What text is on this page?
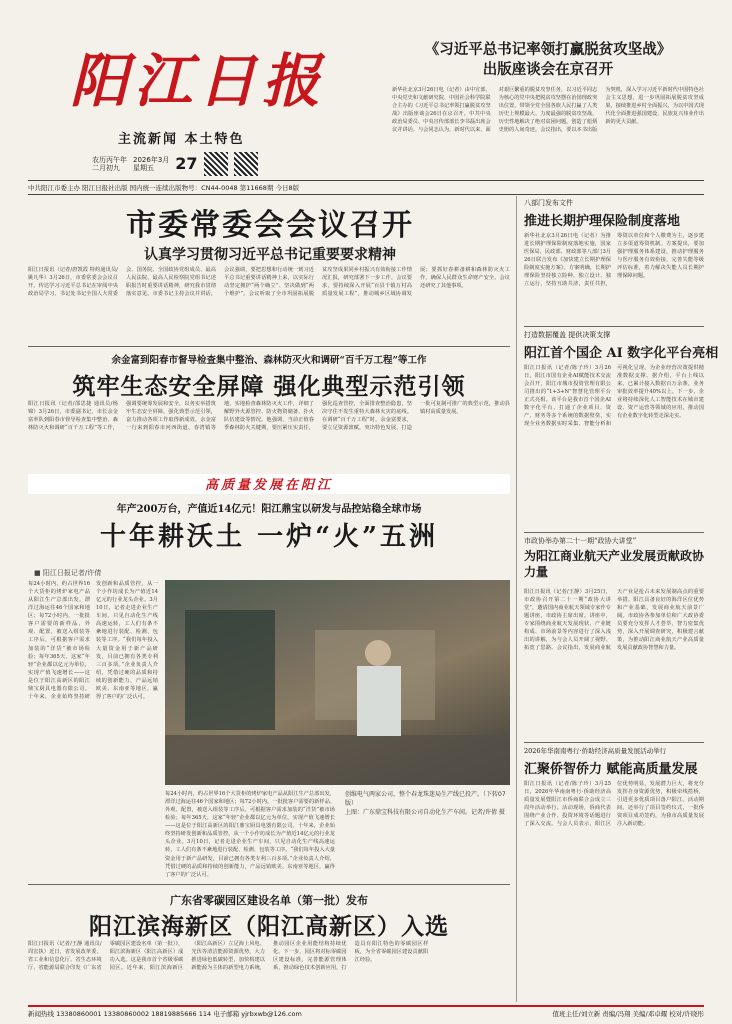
阳江日报
主流新闻 本土特色
农历丙午年
二月初九
2026年3月
星期五	27
中共阳江市委主办 阳江日报社出版 国内统一连续出版物号：CN44-0048 第11668期 今日8版
《习近平总书记率领打赢脱贫攻坚战》
出版座谈会在京召开
新华社北京3月26日电（记者）由中宣部、中央党史和文献研究院、中国社会科学院联合主办的《习近平总书记率领打赢脱贫攻坚战》出版座谈会26日在京召开。中共中央政治局委员、中央宣传部部长李书磊出席会议并讲话。与会同志认为，新时代以来，面对艰巨繁重的脱贫攻坚任务，以习近平同志为核心的党中央把脱贫攻坚摆在治国理政突出位置，带领全党全国各族人民打赢了人类历史上规模最大、力度最强的脱贫攻坚战，历史性地解决了绝对贫困问题，创造了彪炳史册的人间奇迹。会议指出，要以本书出版为契机，深入学习习近平新时代中国特色社会主义思想，进一步巩固拓展脱贫攻坚成果，接续推进乡村全面振兴，为以中国式现代化全面推进强国建设、民族复兴伟业作出新的更大贡献。
市委常委会会议召开
认真学习贯彻习近平总书记重要要求精神
阳江日报讯（记者/唐凯霞 特约通讯员/姚凡华）3月26日，市委常委会会议召开，传达学习习近平总书记在审阅中央政治局学习、书记处书记全国人大常委会、国务院、全国政协党组成员、最高人民法院、最高人民检察院党组书记述职报告时重要讲话精神，研究我市贯彻落实意见。市委书记主持会议并讲话。会议强调，要把思想和行动统一到习近平总书记重要讲话精神上来，以实际行动坚定拥护“两个确立”、坚决做到“两个维护”。会议听取了全市巩固拓展脱贫攻坚成果同乡村振兴有效衔接工作情况汇报，研究部署下一步工作。会议要求，要持续深入开展“百县千镇万村高质量发展工程”，推动城乡区域协调发展；要抓好春耕备耕和森林防灭火工作，确保人民群众生命财产安全。会议还研究了其他事项。
余金富到阳春市督导检查集中整治、森林防灭火和调研“百千万工程”等工作
筑牢生态安全屏障 强化典型示范引领
阳江日报讯（记者/邵思捷 通讯员/杨锦）3月26日，市委副书记、市长余金富率队到阳春市督导检查集中整治、森林防灭火和调研“百千万工程”等工作，强调要统筹发展和安全，以务实举措筑牢生态安全屏障，强化典型示范引领，奋力推动各项工作取得新成效。余金富一行来到阳春市河西街道、春湾镇等地，实地检查森林防灭火工作，详细了解野外火源管控、防火物资储备、扑火队伍建设等情况。他强调，当前正值春季森林防火关键期，要压紧压实责任，强化巡查管控，全面排查整治隐患，坚决守住不发生重特大森林火灾的底线。在调研“百千万工程”时，余金富要求，要立足资源禀赋，突出特色发展，打造一批可复制可推广的典型示范，推动县镇村高质量发展。
高质量发展在阳江
年产200万台，产值近14亿元！阳江鼎宝以研发与品控站稳全球市场
十年耕沃土 一炉“火”五洲
■ 阳江日报记者/许倩
每24小时内，约占世界16个大货柜的烤炉家电产品从阳江生产总部出发，漂洋过海运往46个国家和地区；每72小时内，一批批客户需要的新样品、外观、配置，被送入组装等工序后，可根据客户需求加装的“洋货”被市场检验；每年365天，这家“年轻”企业都以亿元为单位，实现产值飞速增长——这是位于阳江高新区的阳江鼎宝厨具电器有限公司。十年来，企业始终坚持研发创新和品质管控，从一个小作坊成长为产值近14亿元的行业龙头企业。3月10日，记者走进企业生产车间，只见自动化生产线高速运转，工人们有条不紊地进行装配、检测、包装等工序。“我们每年投入大量资金用于新产品研发，目前已拥有各类专利三百多项。”企业负责人介绍，凭借过硬的品质和持续的创新能力，产品远销欧美、东南亚等地区，赢得了客户的广泛认可。
每24小时内，约占世界16个大货柜的烤炉家电产品从阳江生产总部出发，漂洋过海运往46个国家和地区；每72小时内，一批批客户需要的新样品、外观、配置，被送入组装等工序后，可根据客户需求加装的“洋货”被市场检验；每年365天，这家“年轻”企业都以亿元为单位，实现产值飞速增长——这是位于阳江高新区的阳江鼎宝厨具电器有限公司。十年来，企业始终坚持研发创新和品质管控，从一个小作坊成长为产值近14亿元的行业龙头企业。3月10日，记者走进企业生产车间，只见自动化生产线高速运转，工人们有条不紊地进行装配、检测、包装等工序。“我们每年投入大量资金用于新产品研发，目前已拥有各类专利三百多项。”企业负责人介绍，凭借过硬的品质和持续的创新能力，产品远销欧美、东南亚等地区，赢得了客户的广泛认可。
创维电气两家公司，整个春龙珠迷局生产线已投产。（下转07版）
上图：广东鼎宝科技有限公司自动化生产车间。记者/许倩 摄
广东省零碳园区建设名单（第一批）发布
阳江滨海新区（阳江高新区）入选
阳江日报讯（记者/王静 通讯员/周宏执）近日，省发展改革委、省工业和信息化厅、省生态环境厅、省能源局联合印发《广东省零碳园区建设名单（第一批）》，阳江滨海新区（阳江高新区）成功入选。这是我市首个省级零碳园区。近年来，阳江滨海新区（阳江高新区）立足海上风电、光伏等清洁能源资源优势，大力推进绿色低碳转型，加快构建以新能源为主体的新型电力系统，推动园区企业用能结构持续优化。下一步，园区将对标零碳园区建设标准，完善能源管理体系，推动绿色技术创新应用，打造具有阳江特色的零碳园区样板，为全省零碳园区建设贡献阳江经验。
八部门发布文件
推进长期护理保险制度落地
新华社北京3月26日电（记者）为推进长期护理保险制度落地实施，国家医保局、民政部、财政部等八部门3月26日联合发布《加快建立长期护理保险制度实施方案》。方案明确，长期护理保险坚持独立险种、独立设计、独立运行，坚持互助共济，责任共担，筹资以单位和个人缴费为主，逐步建立多渠道筹资机制。方案提出，要加强护理服务体系建设，推动护理服务与医疗服务有效衔接，完善失能等级评估标准，着力解决失能人员长期护理保障问题。
打造数据覆盖 提供决策支撑
阳江首个国企 AI 数字化平台亮相
阳江日报讯（记者/陈子玲）3月26日，阳江市国有企业AI赋能技术交流会召开，阳江市城市投资管理有限公司推出的“1+3+N”智慧化管理平台正式亮相。该平台是我市首个国企AI数字化平台，打通了企业项目、资产、财务等多个系统的数据壁垒，实现全业务数据实时采集、智能分析和可视化呈现，为企业经营决策提供精准数据支撑。据介绍，平台上线以来，已累计接入数据百万余条，业务审批效率提升40%以上。下一步，企业将持续深化人工智能技术在城市建设、资产运营等领域的应用，推动国有企业数字化转型走深走实。
市政协举办第二十一期“政协大讲堂”
为阳江商业航天产业发展贡献政协力量
阳江日报讯（记者/王静）3月25日，市政协召开第二十一期“政协大讲堂”，邀请国内商业航天领域专家作专题讲座，市政协主席出席。讲座中，专家围绕商业航天发展现状、产业链构成、市场前景等内容进行了深入浅出的讲解，为与会人员开阔了视野、拓宽了思路。会议指出，发展商业航天产业是抢占未来发展制高点的重要举措。阳江具备良好的海洋区位优势和产业基础，发展商业航天前景广阔。市政协各参加单位和广大政协委员要充分发挥人才荟萃、智力密集优势，深入开展调查研究，积极建言献策，为推动阳江商业航天产业高质量发展贡献政协智慧和力量。
2026年华南南粤行·侨助经济高质量发展活动举行
汇聚侨智侨力 赋能高质量发展
阳江日报讯（记者/陈子玲）3月25日，2026年华南南粤行·侨助经济高质量发展暨阳江市侨商联合会成立三周年活动举行。活动现场，侨商代表围绕产业合作、投资环境等话题进行了深入交流。与会人员表示，阳江区位优势明显，发展潜力巨大，将充分发挥自身资源优势，积极牵线搭桥，引进更多优质项目落户阳江。活动期间，还举行了项目签约仪式，一批侨资项目成功签约，为我市高质量发展注入新动能。
新闻热线 13380860001 13380860002 18819885666 114 电子邮箱 yjrbxwb@126.com	值班主任/刘立新 责编/冯翔 美编/邓卓耀 校对/许晓彤
